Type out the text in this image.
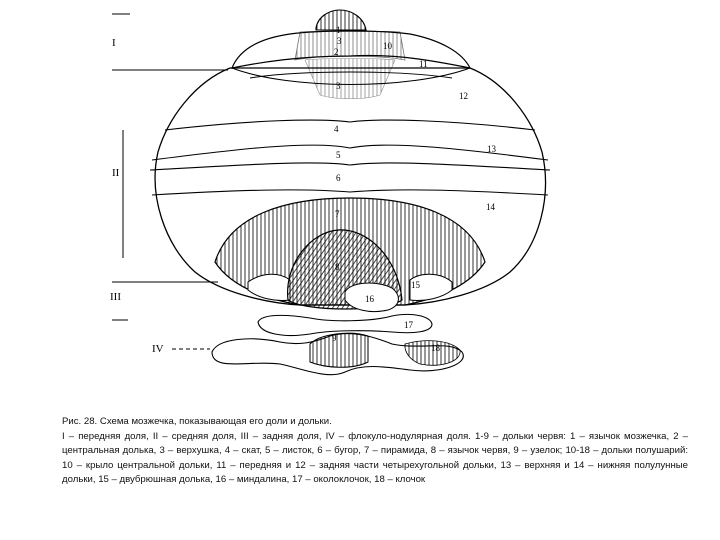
I
II
III
IV
1
2
3
3
4
5
6
7
8
9
10
11
12
13
14
15
16
17
18

Рис. 28. Схема мозжечка, показывающая его доли и дольки.

I – передняя доля, II – средняя доля, III – задняя доля, IV – флокуло-нодулярная доля. 1-9 – дольки червя: 1 – язычок мозжечка, 2 – центральная долька, 3 – верхушка, 4 – скат, 5 – листок, 6 – бугор, 7 – пирамида, 8 – язычок червя, 9 – узелок; 10-18 – дольки полушарий: 10 – крыло центральной дольки, 11 – передняя и 12 – задняя части четырехугольной дольки, 13 – верхняя и 14 – нижняя полулунные дольки, 15 – двубрюшная долька, 16 – миндалина, 17 – околоклочок, 18 – клочок
